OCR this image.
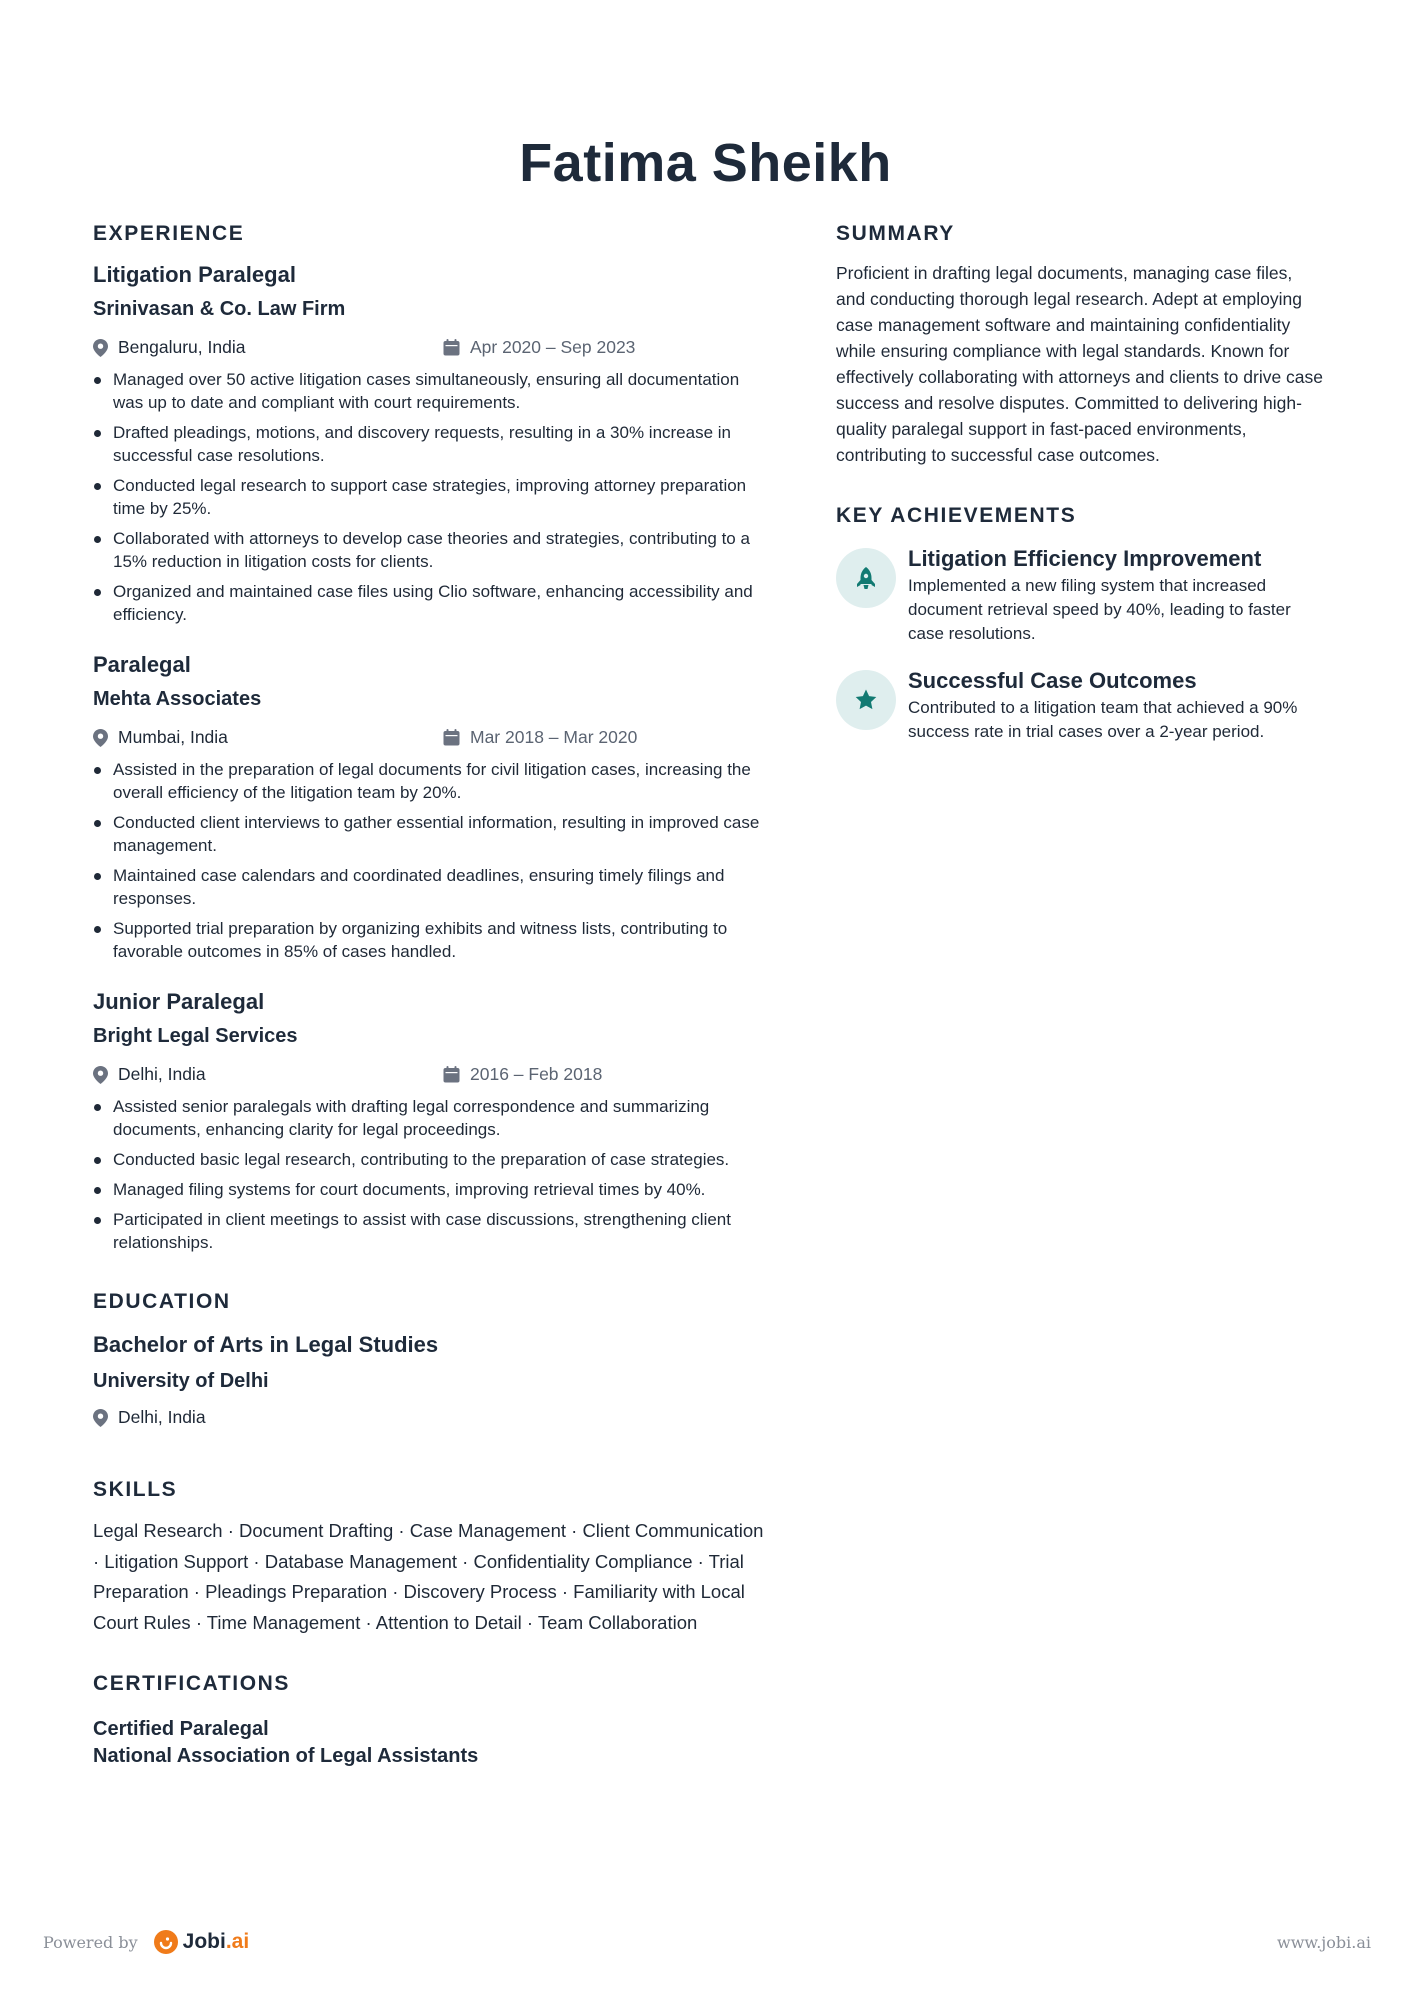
Fatima Sheikh
EXPERIENCE
Litigation Paralegal
Srinivasan & Co. Law Firm
Bengaluru, India	Apr 2020 – Sep 2023
Managed over 50 active litigation cases simultaneously, ensuring all documentation was up to date and compliant with court requirements.
Drafted pleadings, motions, and discovery requests, resulting in a 30% increase in successful case resolutions.
Conducted legal research to support case strategies, improving attorney preparation time by 25%.
Collaborated with attorneys to develop case theories and strategies, contributing to a 15% reduction in litigation costs for clients.
Organized and maintained case files using Clio software, enhancing accessibility and efficiency.
Paralegal
Mehta Associates
Mumbai, India	Mar 2018 – Mar 2020
Assisted in the preparation of legal documents for civil litigation cases, increasing the overall efficiency of the litigation team by 20%.
Conducted client interviews to gather essential information, resulting in improved case management.
Maintained case calendars and coordinated deadlines, ensuring timely filings and responses.
Supported trial preparation by organizing exhibits and witness lists, contributing to favorable outcomes in 85% of cases handled.
Junior Paralegal
Bright Legal Services
Delhi, India	2016 – Feb 2018
Assisted senior paralegals with drafting legal correspondence and summarizing documents, enhancing clarity for legal proceedings.
Conducted basic legal research, contributing to the preparation of case strategies.
Managed filing systems for court documents, improving retrieval times by 40%.
Participated in client meetings to assist with case discussions, strengthening client relationships.
EDUCATION
Bachelor of Arts in Legal Studies
University of Delhi
Delhi, India
SKILLS
Legal Research · Document Drafting · Case Management · Client Communication · Litigation Support · Database Management · Confidentiality Compliance · Trial Preparation · Pleadings Preparation · Discovery Process · Familiarity with Local Court Rules · Time Management · Attention to Detail · Team Collaboration
CERTIFICATIONS
Certified Paralegal
National Association of Legal Assistants
SUMMARY
Proficient in drafting legal documents, managing case files, and conducting thorough legal research. Adept at employing case management software and maintaining confidentiality while ensuring compliance with legal standards. Known for effectively collaborating with attorneys and clients to drive case success and resolve disputes. Committed to delivering high-quality paralegal support in fast-paced environments, contributing to successful case outcomes.
KEY ACHIEVEMENTS
Litigation Efficiency Improvement
Implemented a new filing system that increased document retrieval speed by 40%, leading to faster case resolutions.
Successful Case Outcomes
Contributed to a litigation team that achieved a 90% success rate in trial cases over a 2-year period.
Powered by Jobi.ai	www.jobi.ai
